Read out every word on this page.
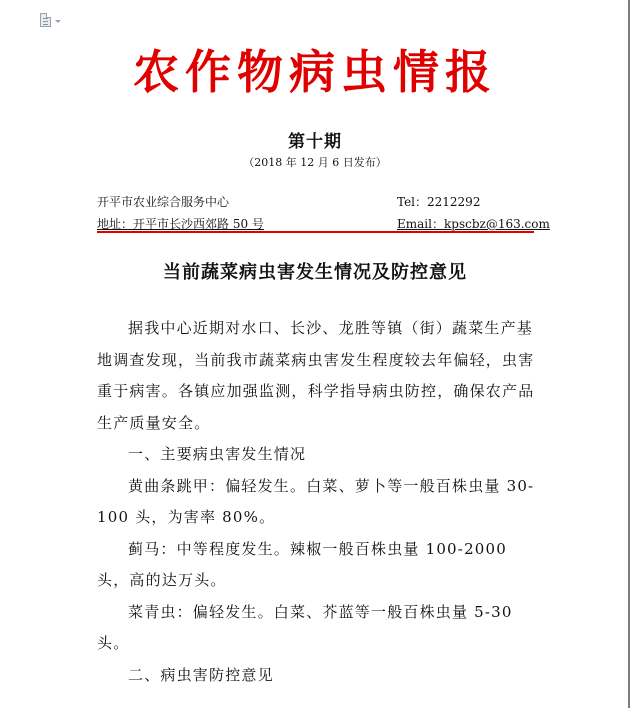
农作物病虫情报
第十期
（2018 年 12 月 6 日发布）
开平市农业综合服务中心	Tel：2212292
地址：开平市长沙西郊路 50 号	Email：kpscbz@163.com
当前蔬菜病虫害发生情况及防控意见

据我中心近期对水口、长沙、龙胜等镇（街）蔬菜生产基地调查发现，当前我市蔬菜病虫害发生程度较去年偏轻，虫害重于病害。各镇应加强监测，科学指导病虫防控，确保农产品生产质量安全。

一、主要病虫害发生情况

黄曲条跳甲：偏轻发生。白菜、萝卜等一般百株虫量 30-100 头，为害率 80%。

蓟马：中等程度发生。辣椒一般百株虫量 100-2000 头，高的达万头。

菜青虫：偏轻发生。白菜、芥蓝等一般百株虫量 5-30 头。

二、病虫害防控意见
